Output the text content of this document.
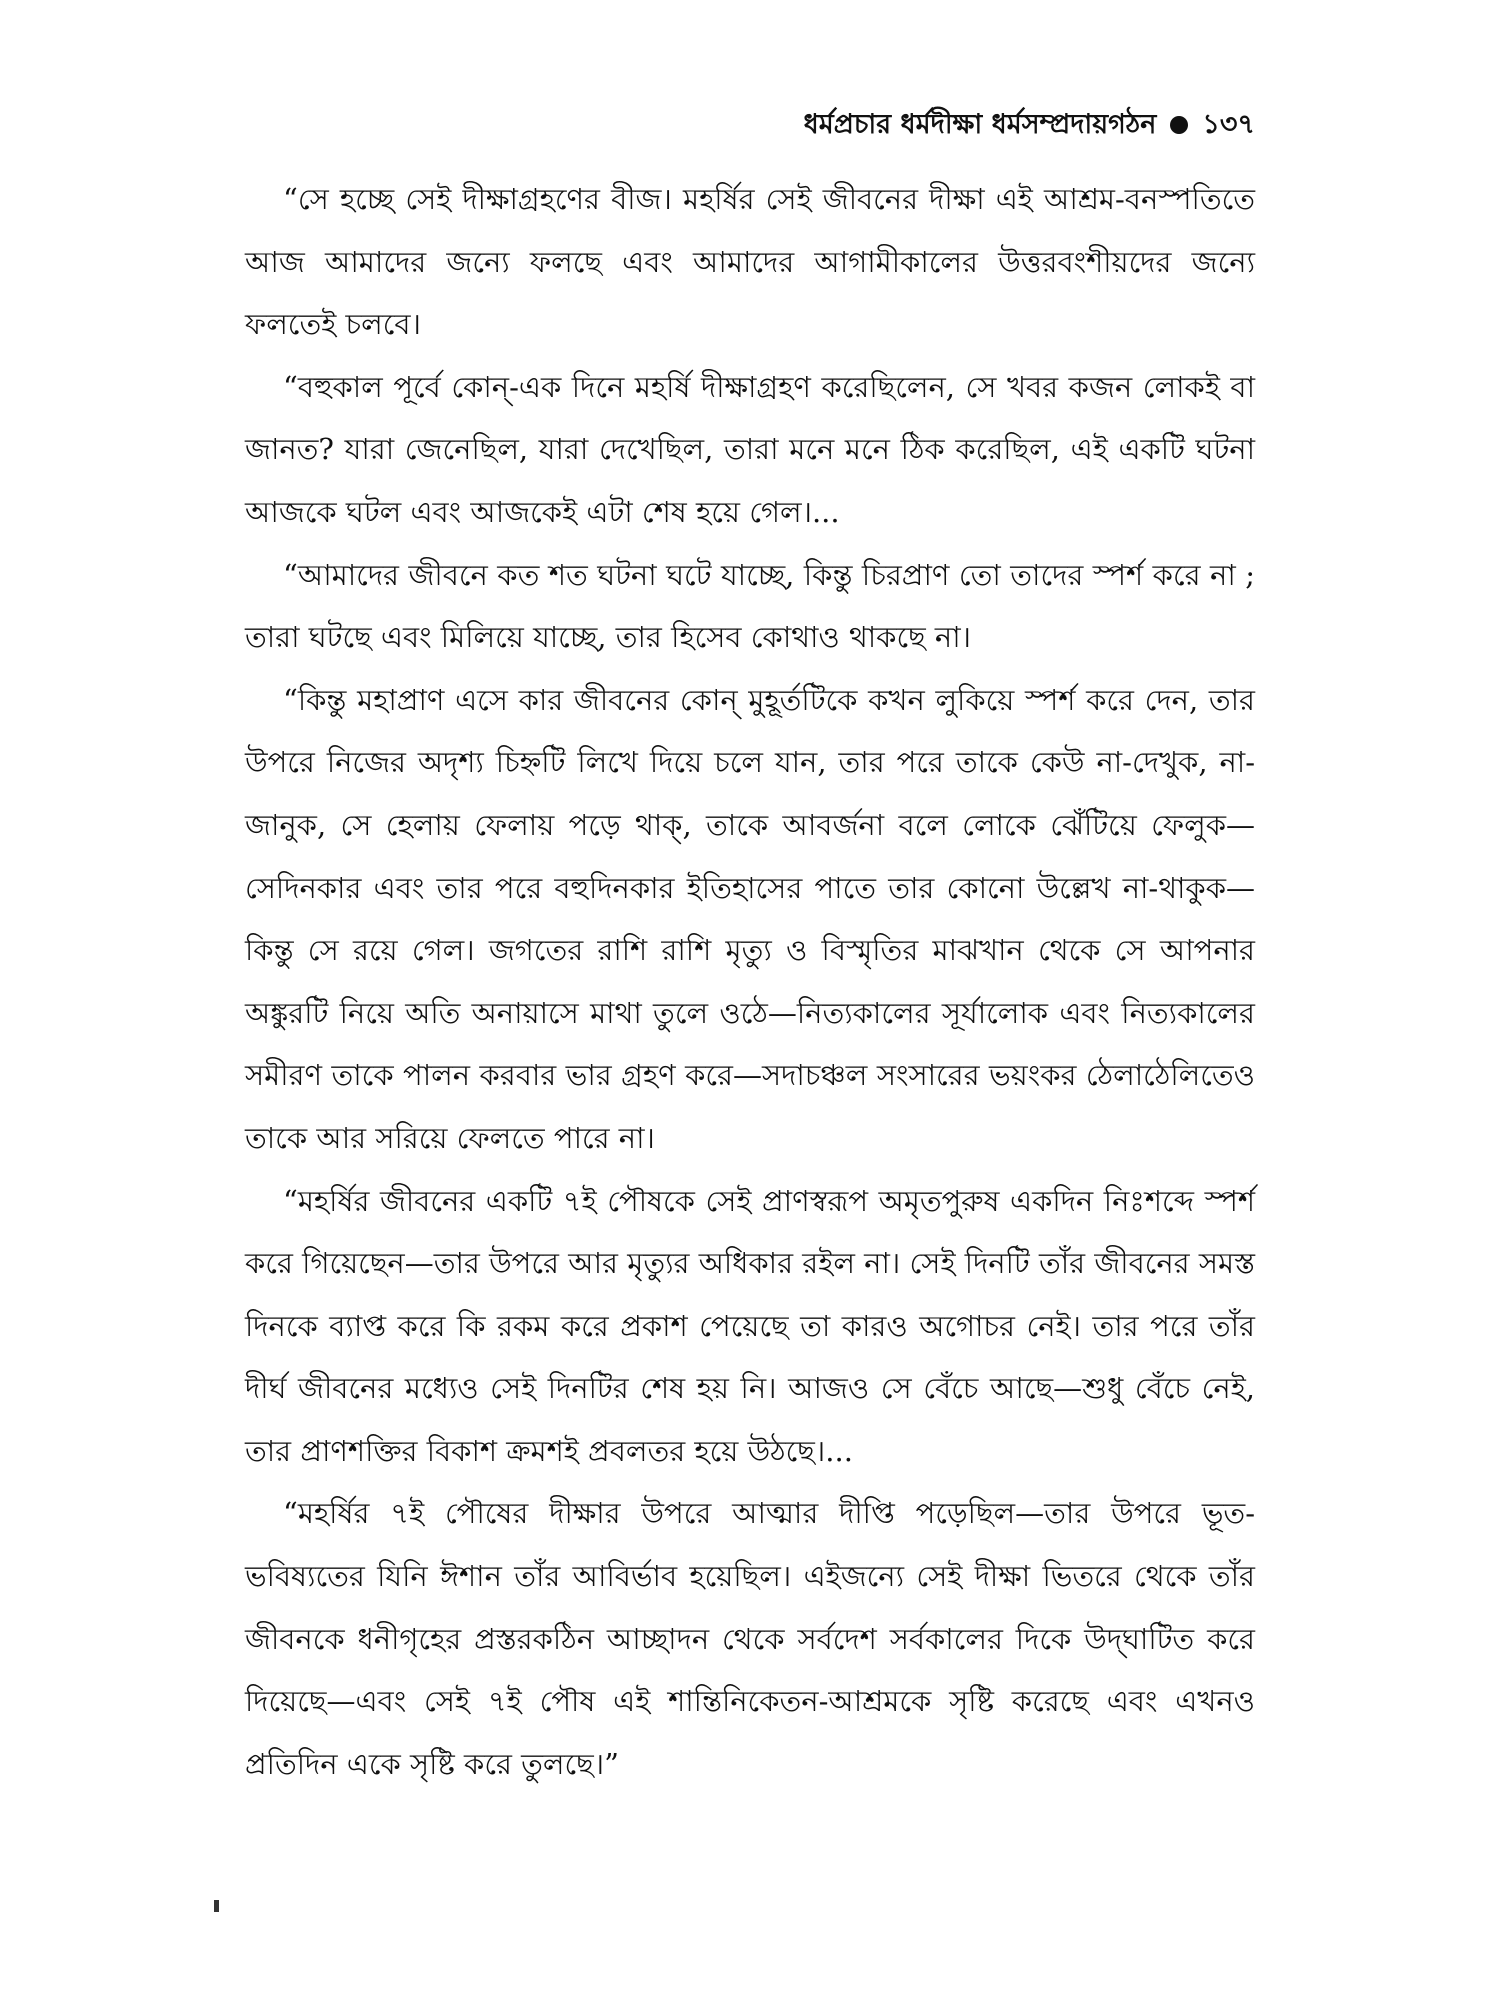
ধর্মপ্রচার ধর্মদীক্ষা ধর্মসম্প্রদায়গঠন ১৩৭

“সে হচ্ছে সেই দীক্ষাগ্রহণের বীজ। মহর্ষির সেই জীবনের দীক্ষা এই আশ্রম-বনস্পতিতে আজ আমাদের জন্যে ফলছে এবং আমাদের আগামীকালের উত্তরবংশীয়দের জন্যে ফলতেই চলবে।

“বহুকাল পূর্বে কোন্‌-এক দিনে মহর্ষি দীক্ষাগ্রহণ করেছিলেন, সে খবর কজন লোকই বা জানত? যারা জেনেছিল, যারা দেখেছিল, তারা মনে মনে ঠিক করেছিল, এই একটি ঘটনা আজকে ঘটল এবং আজকেই এটা শেষ হয়ে গেল।...

“আমাদের জীবনে কত শত ঘটনা ঘটে যাচ্ছে, কিন্তু চিরপ্রাণ তো তাদের স্পর্শ করে না ; তারা ঘটছে এবং মিলিয়ে যাচ্ছে, তার হিসেব কোথাও থাকছে না।

“কিন্তু মহাপ্রাণ এসে কার জীবনের কোন্‌ মুহূর্তটিকে কখন লুকিয়ে স্পর্শ করে দেন, তার উপরে নিজের অদৃশ্য চিহ্নটি লিখে দিয়ে চলে যান, তার পরে তাকে কেউ না-দেখুক, না-জানুক, সে হেলায় ফেলায় পড়ে থাক্‌, তাকে আবর্জনা বলে লোকে ঝেঁটিয়ে ফেলুক—সেদিনকার এবং তার পরে বহুদিনকার ইতিহাসের পাতে তার কোনো উল্লেখ না-থাকুক—কিন্তু সে রয়ে গেল। জগতের রাশি রাশি মৃত্যু ও বিস্মৃতির মাঝখান থেকে সে আপনার অঙ্কুরটি নিয়ে অতি অনায়াসে মাথা তুলে ওঠে—নিত্যকালের সূর্যালোক এবং নিত্যকালের সমীরণ তাকে পালন করবার ভার গ্রহণ করে—সদাচঞ্চল সংসারের ভয়ংকর ঠেলাঠেলিতেও তাকে আর সরিয়ে ফেলতে পারে না।

“মহর্ষির জীবনের একটি ৭ই পৌষকে সেই প্রাণস্বরূপ অমৃতপুরুষ একদিন নিঃশব্দে স্পর্শ করে গিয়েছেন—তার উপরে আর মৃত্যুর অধিকার রইল না। সেই দিনটি তাঁর জীবনের সমস্ত দিনকে ব্যাপ্ত করে কি রকম করে প্রকাশ পেয়েছে তা কারও অগোচর নেই। তার পরে তাঁর দীর্ঘ জীবনের মধ্যেও সেই দিনটির শেষ হয় নি। আজও সে বেঁচে আছে—শুধু বেঁচে নেই, তার প্রাণশক্তির বিকাশ ক্রমশই প্রবলতর হয়ে উঠছে।...

“মহর্ষির ৭ই পৌষের দীক্ষার উপরে আত্মার দীপ্তি পড়েছিল—তার উপরে ভূত-ভবিষ্যতের যিনি ঈশান তাঁর আবির্ভাব হয়েছিল। এইজন্যে সেই দীক্ষা ভিতরে থেকে তাঁর জীবনকে ধনীগৃহের প্রস্তরকঠিন আচ্ছাদন থেকে সর্বদেশ সর্বকালের দিকে উদ্‌ঘাটিত করে দিয়েছে—এবং সেই ৭ই পৌষ এই শান্তিনিকেতন-আশ্রমকে সৃষ্টি করেছে এবং এখনও প্রতিদিন একে সৃষ্টি করে তুলছে।”
